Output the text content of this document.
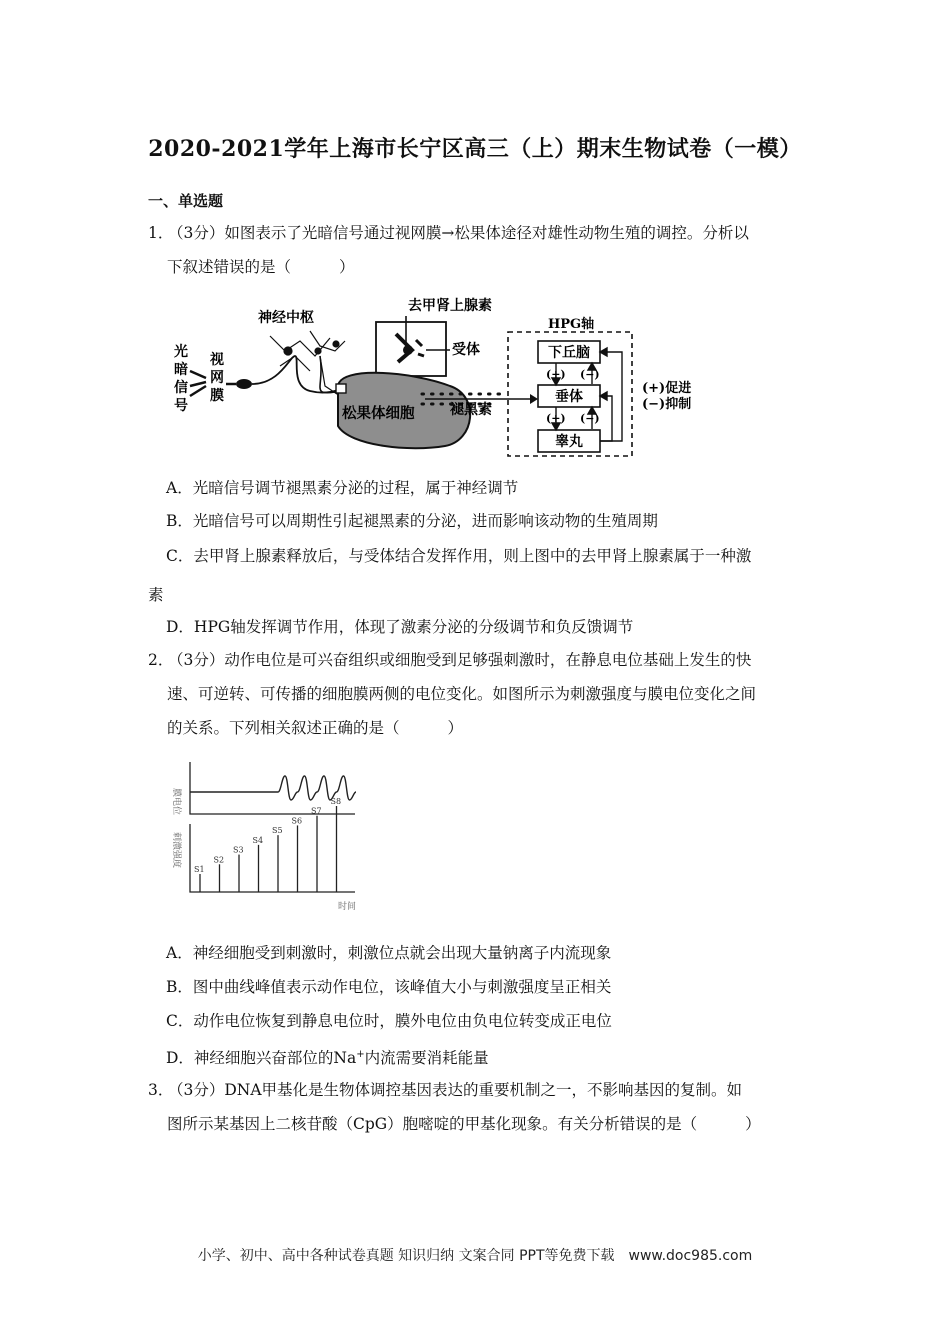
2020-2021学年上海市长宁区高三（上）期末生物试卷（一模）
一、单选题
1．（3分）如图表示了光暗信号通过视网膜→松果体途径对雄性动物生殖的调控。分析以
下叙述错误的是（	）
光
暗
信
号
视
网
膜
神经中枢
去甲肾上腺素
受体
松果体细胞	褪黑素
HPG轴
下丘脑
垂体
睾丸
(+) (−)
(+) (−)
(+)促进
(−)抑制
A．光暗信号调节褪黑素分泌的过程，属于神经调节
B．光暗信号可以周期性引起褪黑素的分泌，进而影响该动物的生殖周期
C．去甲肾上腺素释放后，与受体结合发挥作用，则上图中的去甲肾上腺素属于一种激
素
D．HPG轴发挥调节作用，体现了激素分泌的分级调节和负反馈调节
2．（3分）动作电位是可兴奋组织或细胞受到足够强刺激时，在静息电位基础上发生的快
速、可逆转、可传播的细胞膜两侧的电位变化。如图所示为刺激强度与膜电位变化之间
的关系。下列相关叙述正确的是（	）
膜电位
刺激强度
时间
S1
S2
S3
S4
S5
S6
S7
S8
A．神经细胞受到刺激时，刺激位点就会出现大量钠离子内流现象
B．图中曲线峰值表示动作电位，该峰值大小与刺激强度呈正相关
C．动作电位恢复到静息电位时，膜外电位由负电位转变成正电位
D．神经细胞兴奋部位的Na+内流需要消耗能量
3．（3分）DNA甲基化是生物体调控基因表达的重要机制之一，不影响基因的复制。如
图所示某基因上二核苷酸（CpG）胞嘧啶的甲基化现象。有关分析错误的是（	）
小学、初中、高中各种试卷真题 知识归纳 文案合同 PPT等免费下载　www.doc985.com
